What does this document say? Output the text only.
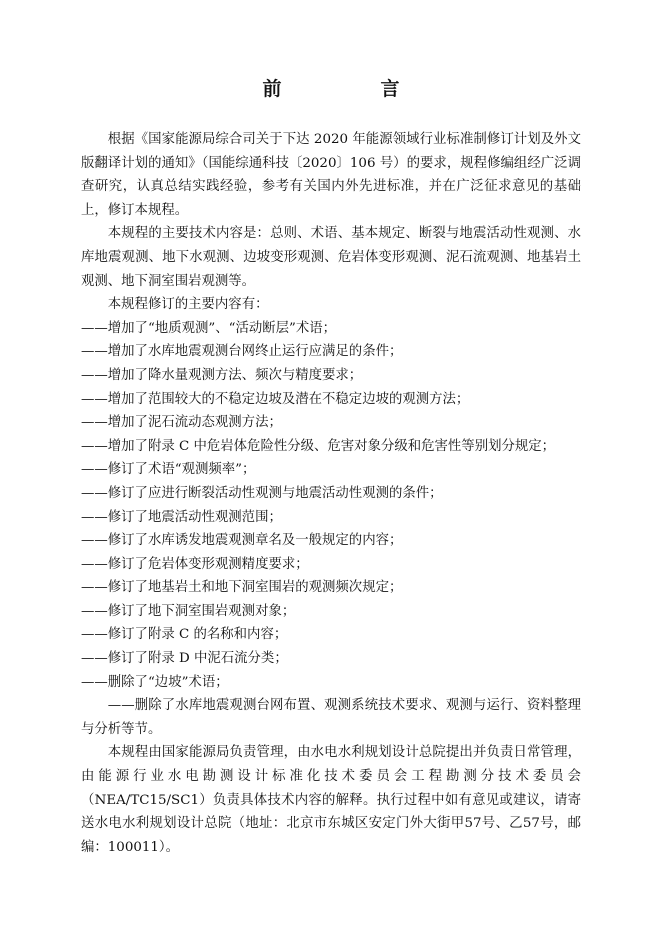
前　言

根据《国家能源局综合司关于下达 2020 年能源领域行业标准制修订计划及外文版翻译计划的通知》（国能综通科技〔2020〕106 号）的要求，规程修编组经广泛调查研究，认真总结实践经验，参考有关国内外先进标准，并在广泛征求意见的基础上，修订本规程。

本规程的主要技术内容是：总则、术语、基本规定、断裂与地震活动性观测、水库地震观测、地下水观测、边坡变形观测、危岩体变形观测、泥石流观测、地基岩土观测、地下洞室围岩观测等。

本规程修订的主要内容有：

——增加了“地质观测”、“活动断层”术语；

——增加了水库地震观测台网终止运行应满足的条件；

——增加了降水量观测方法、频次与精度要求；

——增加了范围较大的不稳定边坡及潜在不稳定边坡的观测方法；

——增加了泥石流动态观测方法；

——增加了附录 C 中危岩体危险性分级、危害对象分级和危害性等别划分规定；

——修订了术语“观测频率”；

——修订了应进行断裂活动性观测与地震活动性观测的条件；

——修订了地震活动性观测范围；

——修订了水库诱发地震观测章名及一般规定的内容；

——修订了危岩体变形观测精度要求；

——修订了地基岩土和地下洞室围岩的观测频次规定；

——修订了地下洞室围岩观测对象；

——修订了附录 C 的名称和内容；

——修订了附录 D 中泥石流分类；

——删除了“边坡”术语；

——删除了水库地震观测台网布置、观测系统技术要求、观测与运行、资料整理与分析等节。

本规程由国家能源局负责管理，由水电水利规划设计总院提出并负责日常管理，由能源行业水电勘测设计标准化技术委员会工程勘测分技术委员会（NEA/TC15/SC1）负责具体技术内容的解释。执行过程中如有意见或建议，请寄送水电水利规划设计总院（地址：北京市东城区安定门外大街甲57号、乙57号，邮编：100011）。
